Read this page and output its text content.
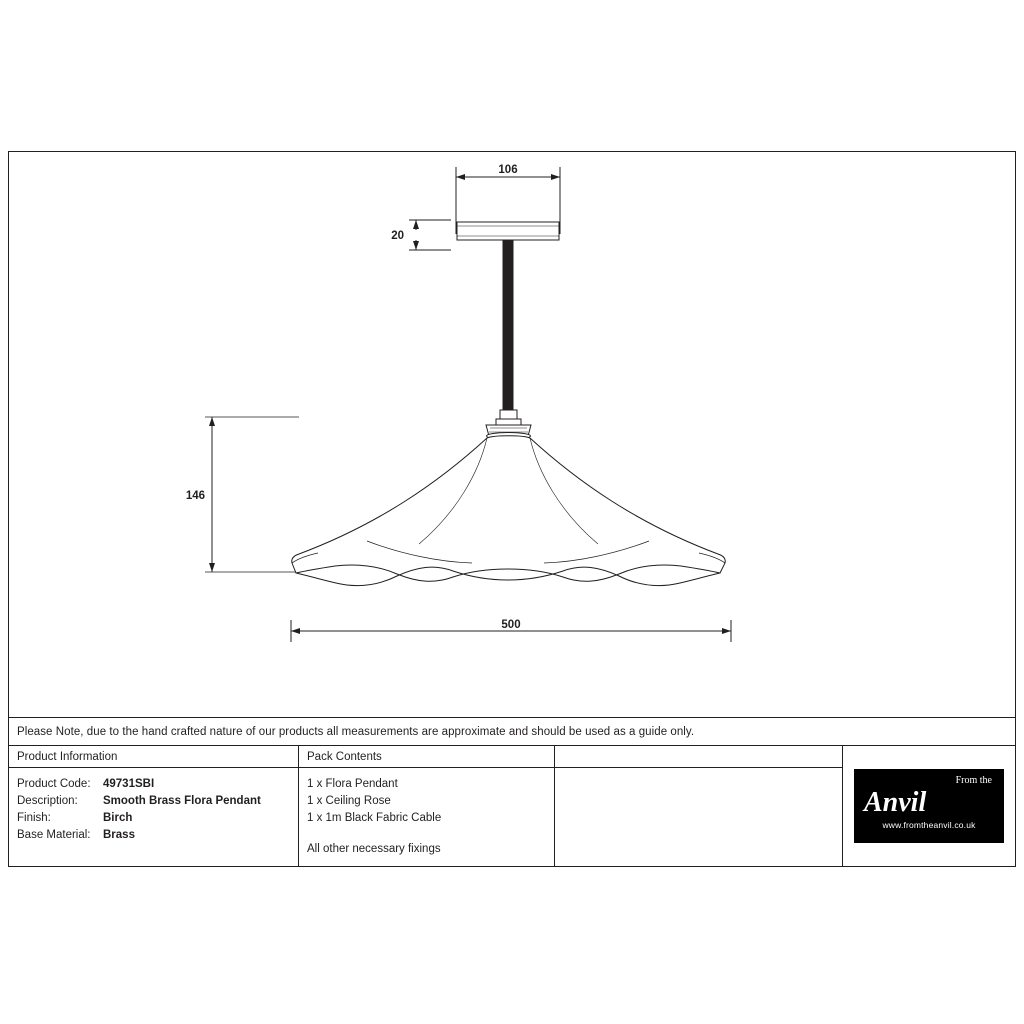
106
20
146
500
Please Note, due to the hand crafted nature of our products all measurements are approximate and should be used as a guide only.
Product Information
Product Code:	49731SBI
Description:	Smooth Brass Flora Pendant
Finish:	Birch
Base Material:	Brass
Pack Contents
1 x Flora Pendant
1 x Ceiling Rose
1 x 1m Black Fabric Cable
All other necessary fixings
From the
Anvil
www.fromtheanvil.co.uk
